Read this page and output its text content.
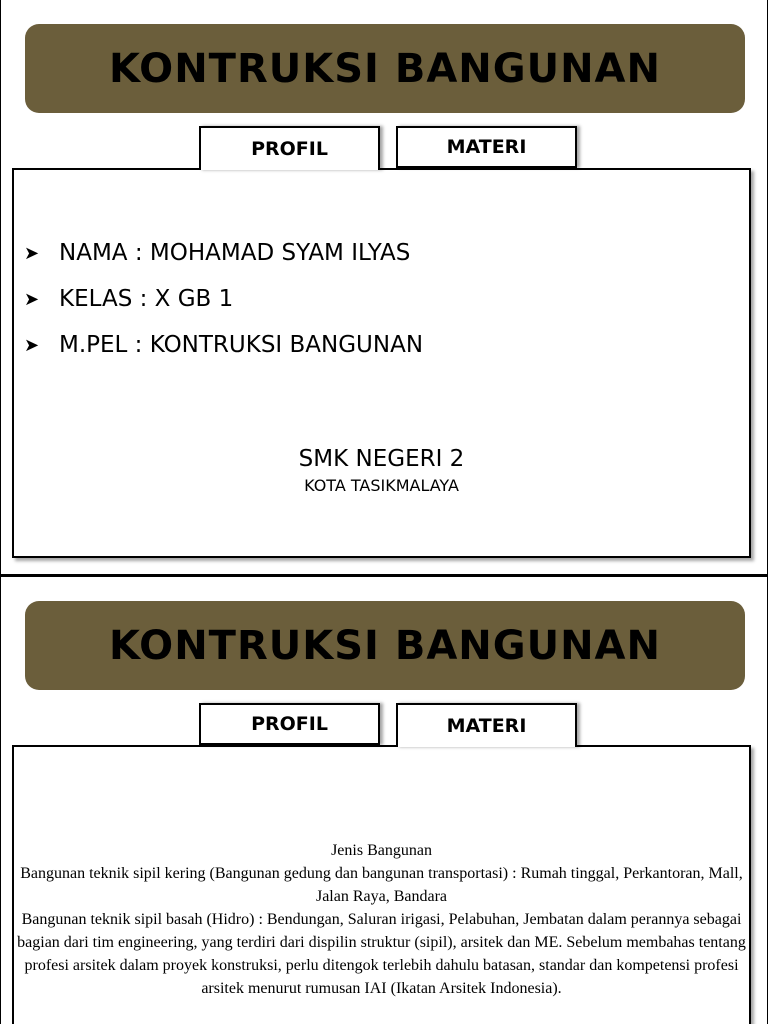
KONTRUKSI BANGUNAN
PROFIL	MATERI
➤ NAMA : MOHAMAD SYAM ILYAS
➤ KELAS : X GB 1
➤ M.PEL : KONTRUKSI BANGUNAN
SMK NEGERI 2
KOTA TASIKMALAYA
KONTRUKSI BANGUNAN
PROFIL	MATERI

Jenis Bangunan

Bangunan teknik sipil kering (Bangunan gedung dan bangunan transportasi) : Rumah tinggal, Perkantoran, Mall, Jalan Raya, Bandara

Bangunan teknik sipil basah (Hidro) : Bendungan, Saluran irigasi, Pelabuhan, Jembatan dalam perannya sebagai bagian dari tim engineering, yang terdiri dari dispilin struktur (sipil), arsitek dan ME. Sebelum membahas tentang profesi arsitek dalam proyek konstruksi, perlu ditengok terlebih dahulu batasan, standar dan kompetensi profesi arsitek menurut rumusan IAI (Ikatan Arsitek Indonesia).
